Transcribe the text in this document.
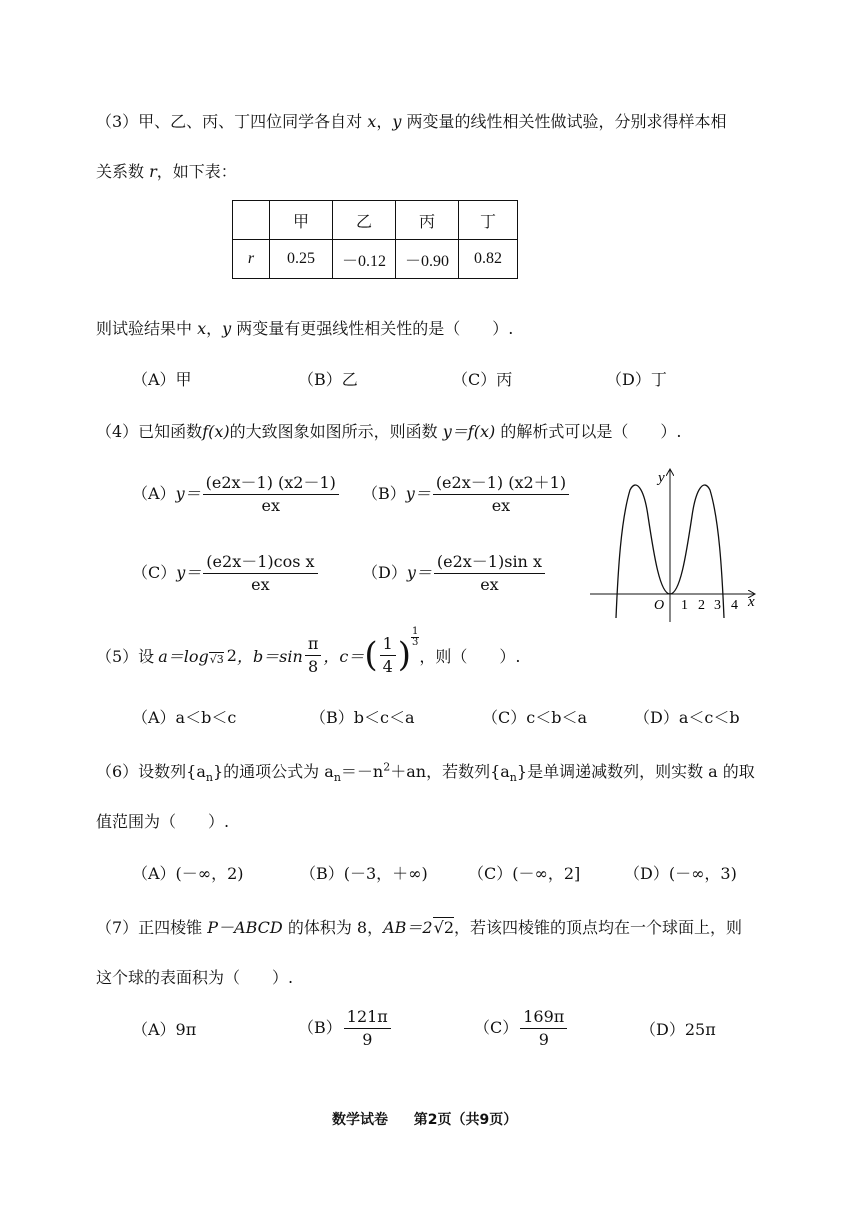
（3）甲、乙、丙、丁四位同学各自对 x，y 两变量的线性相关性做试验，分别求得样本相
关系数 r，如下表：
	甲	乙	丙	丁
r	0.25	－0.12	－0.90	0.82
则试验结果中 x，y 两变量有更强线性相关性的是（　　）.
（A）甲	（B）乙	（C）丙	（D）丁
（4）已知函数f(x)的大致图象如图所示，则函数 y＝f(x) 的解析式可以是（　　）.
$(A)y= \frac{(e2x-1) (x2-1)}{ex} (B)y= \frac{(e2x-1) (x2+1)}{ex}$
$(C)y= \frac{\text{(e2x－1)cos x}}{ex}$	$(D)y= \frac{\text{(e2x－1)sin x}}{ex}$
y
x
O 1 2 3 4
（5）设 a＝log $_{√3}$ 2 ，$b=\sin \frac{\pi}{8}$ ，c＝ ( $\frac{1}{4}$ )
1
3
，则（　　）.
（A）a＜b＜c	（B）b＜c＜a	（C）c＜b＜a	（D）a＜c＜b
（6）设数列$\{a_n\}$的通项公式为 $a_n=-n^2+an$，若数列$\{a_n\}$是单调递减数列，则实数 a 的取
值范围为（　　）.
（A）(－∞，2)	（B）(－3，＋∞)	（C）(－∞，2]	（D）(－∞，3)
（7）正四棱锥 P－ABCD 的体积为 8，AB＝2√2，若该四棱锥的顶点均在一个球面上，则
这个球的表面积为（　　）.
（A）9π	$(B) \frac{121\pi}{9}$	$(C) \frac{169\pi}{9}$	（D）25π
数学试卷 第2页（共9页）
